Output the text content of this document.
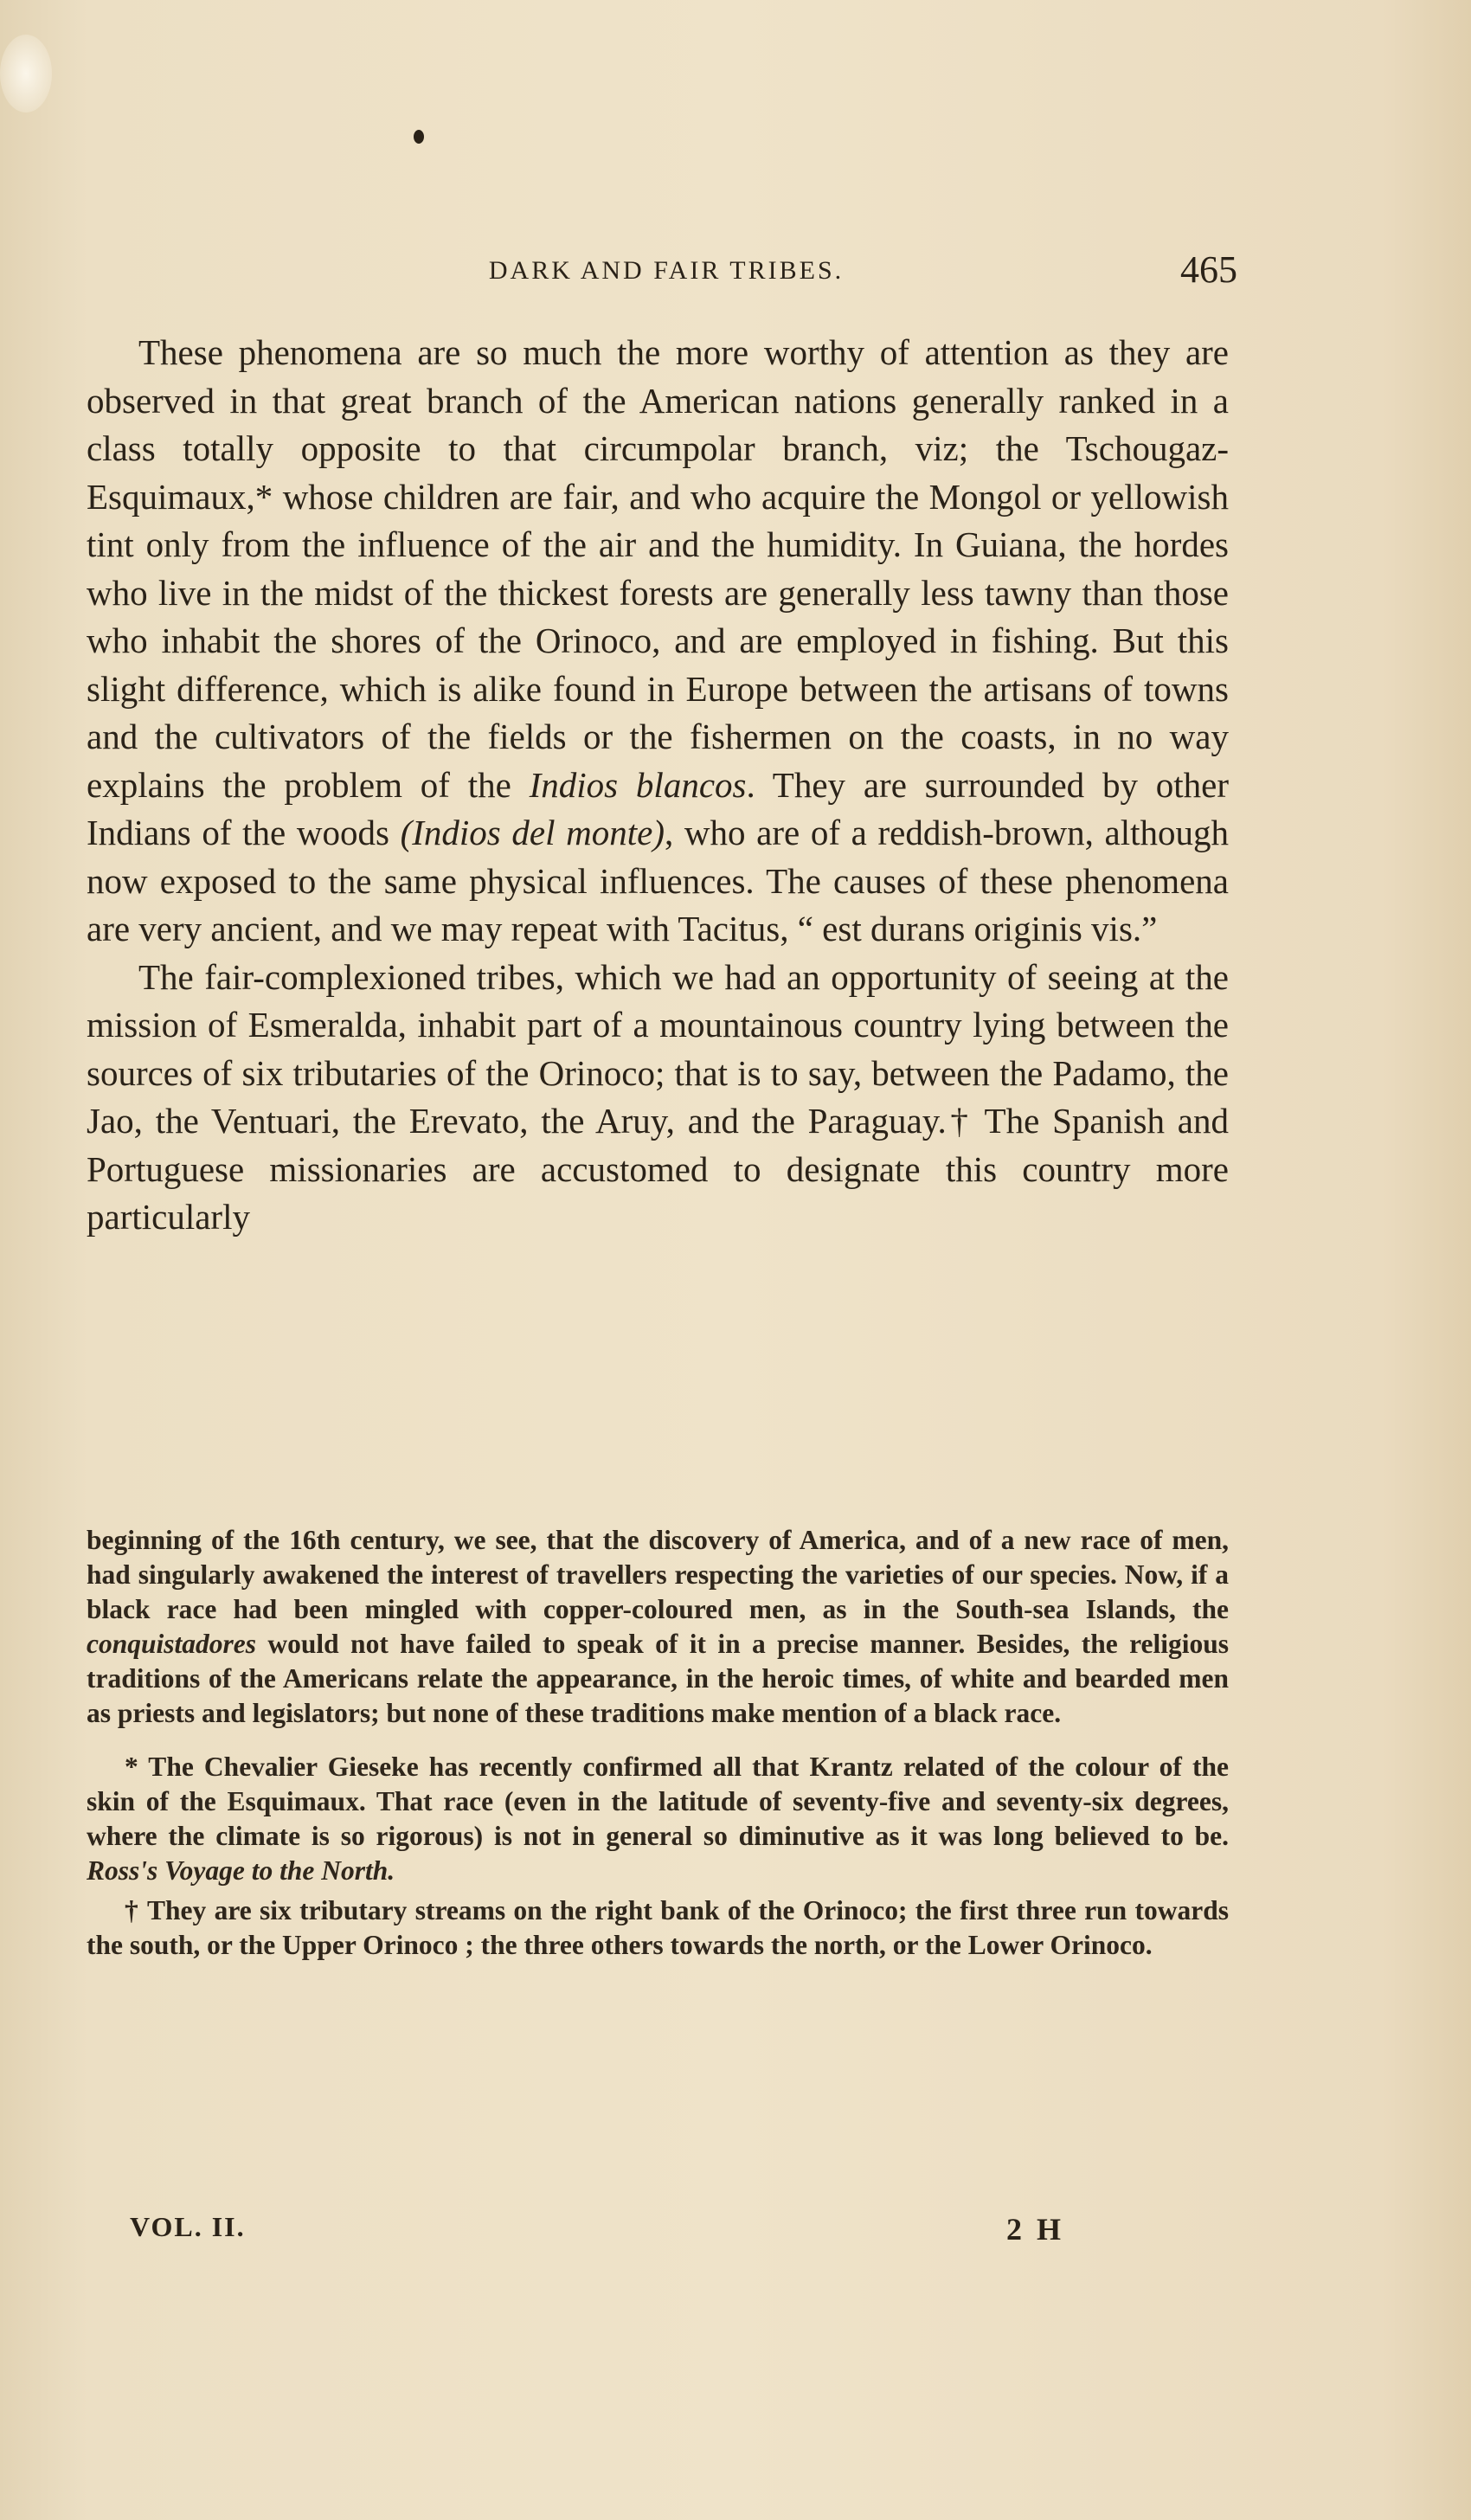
DARK AND FAIR TRIBES.	465

These phenomena are so much the more worthy of attention as they are observed in that great branch of the American nations generally ranked in a class totally opposite to that circumpolar branch, viz; the Tschougaz-Esquimaux,* whose children are fair, and who acquire the Mongol or yellowish tint only from the influence of the air and the humidity. In Guiana, the hordes who live in the midst of the thickest forests are generally less tawny than those who inhabit the shores of the Orinoco, and are employed in fishing. But this slight difference, which is alike found in Europe between the artisans of towns and the cultivators of the fields or the fishermen on the coasts, in no way explains the problem of the Indios blancos. They are surrounded by other Indians of the woods (Indios del monte), who are of a reddish-brown, although now exposed to the same physical influences. The causes of these phenomena are very ancient, and we may repeat with Tacitus, “ est durans originis vis.”

The fair-complexioned tribes, which we had an opportunity of seeing at the mission of Esmeralda, inhabit part of a mountainous country lying between the sources of six tributaries of the Orinoco; that is to say, between the Padamo, the Jao, the Ventuari, the Erevato, the Aruy, and the Paraguay.† The Spanish and Portuguese missionaries are accustomed to designate this country more particularly

beginning of the 16th century, we see, that the discovery of America, and of a new race of men, had singularly awakened the interest of travellers respecting the varieties of our species. Now, if a black race had been mingled with copper-coloured men, as in the South-sea Islands, the conquistadores would not have failed to speak of it in a precise manner. Besides, the religious traditions of the Americans relate the appearance, in the heroic times, of white and bearded men as priests and legislators; but none of these traditions make mention of a black race.

* The Chevalier Gieseke has recently confirmed all that Krantz related of the colour of the skin of the Esquimaux. That race (even in the latitude of seventy-five and seventy-six degrees, where the climate is so rigorous) is not in general so diminutive as it was long believed to be. Ross's Voyage to the North.

† They are six tributary streams on the right bank of the Orinoco; the first three run towards the south, or the Upper Orinoco ; the three others towards the north, or the Lower Orinoco.

VOL. II.	2 H
